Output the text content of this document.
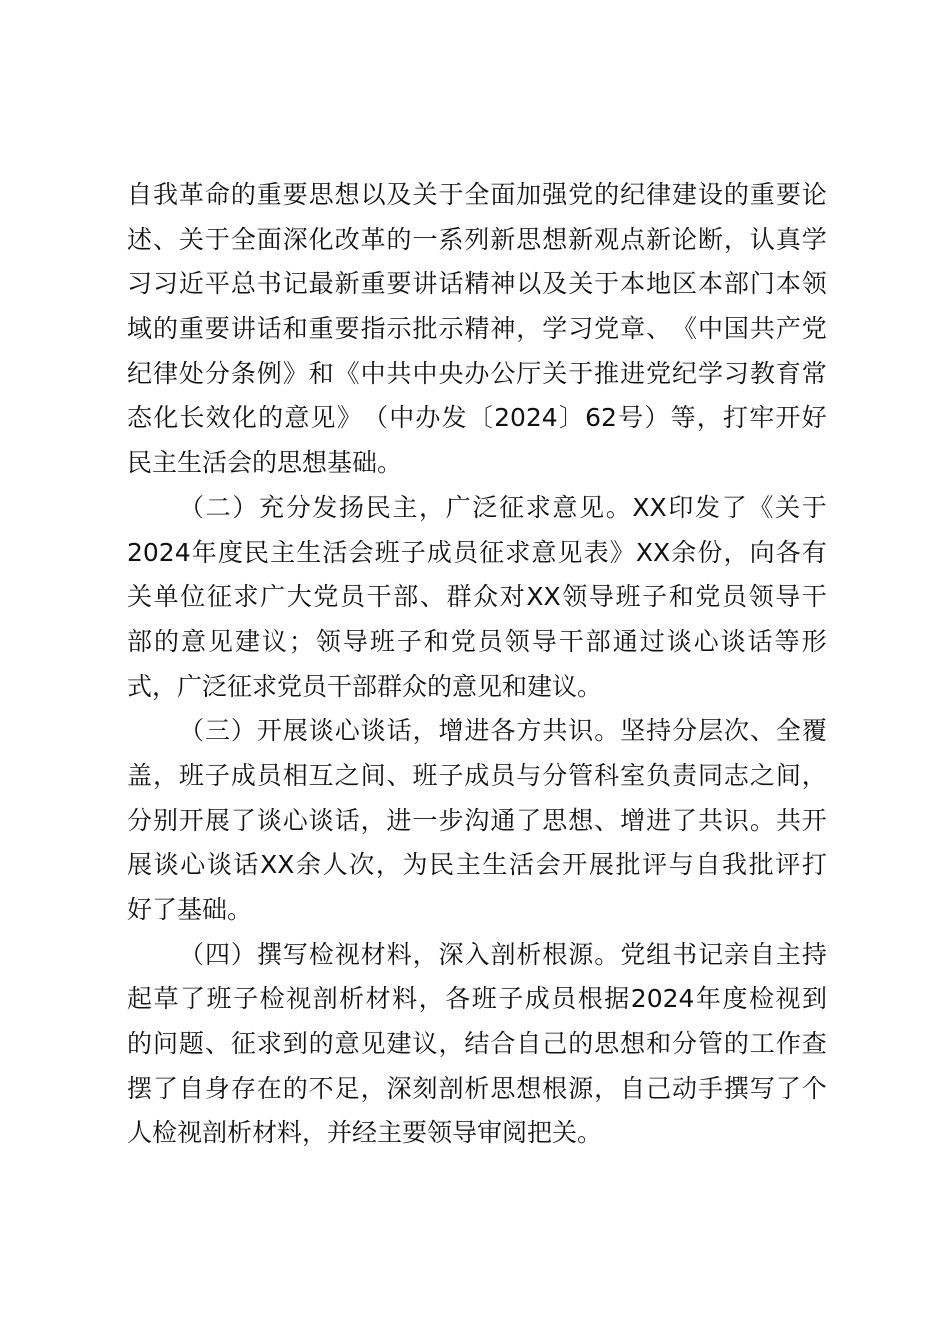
自 我 革 命 的 重 要 思 想 以 及 关 于 全 面 加 强 党 的 纪 律 建 设 的 重 要 论
述 、 关 于 全 面 深 化 改 革 的 一 系 列 新 思 想 新 观 点 新 论 断 ， 认 真 学
习 习 近 平 总 书 记 最 新 重 要 讲 话 精 神 以 及 关 于 本 地 区 本 部 门 本 领
域 的 重 要 讲 话 和 重 要 指 示 批 示 精 神 ， 学 习 党 章 、 《 中 国 共 产 党
纪 律 处 分 条 例 》 和 《 中 共 中 央 办 公 厅 关 于 推 进 党 纪 学 习 教 育 常
态 化 长 效 化 的 意 见 》 （ 中 办 发 〔 2024 〕 62 号 ） 等 ， 打 牢 开 好
民主生活会的思想基础。
（ 二 ） 充 分 发 扬 民 主 ， 广 泛 征 求 意 见 。 XX 印 发 了 《 关 于
2024 年 度 民 主 生 活 会 班 子 成 员 征 求 意 见 表 》 XX 余 份 ， 向 各 有
关 单 位 征 求 广 大 党 员 干 部 、 群 众 对 XX 领 导 班 子 和 党 员 领 导 干
部 的 意 见 建 议 ； 领 导 班 子 和 党 员 领 导 干 部 通 过 谈 心 谈 话 等 形
式，广泛征求党员干部群众的意见和建议。
（ 三 ） 开 展 谈 心 谈 话 ， 增 进 各 方 共 识 。 坚 持 分 层 次 、 全 覆
盖 ， 班 子 成 员 相 互 之 间 、 班 子 成 员 与 分 管 科 室 负 责 同 志 之 间 ，
分 别 开 展 了 谈 心 谈 话 ， 进 一 步 沟 通 了 思 想 、 增 进 了 共 识 。 共 开
展 谈 心 谈 话 XX 余 人 次 ， 为 民 主 生 活 会 开 展 批 评 与 自 我 批 评 打
好了基础。
（ 四 ） 撰 写 检 视 材 料 ， 深 入 剖 析 根 源 。 党 组 书 记 亲 自 主 持
起 草 了 班 子 检 视 剖 析 材 料 ， 各 班 子 成 员 根 据 2024 年 度 检 视 到
的 问 题 、 征 求 到 的 意 见 建 议 ， 结 合 自 己 的 思 想 和 分 管 的 工 作 查
摆 了 自 身 存 在 的 不 足 ， 深 刻 剖 析 思 想 根 源 ， 自 己 动 手 撰 写 了 个
人检视剖析材料，并经主要领导审阅把关。
